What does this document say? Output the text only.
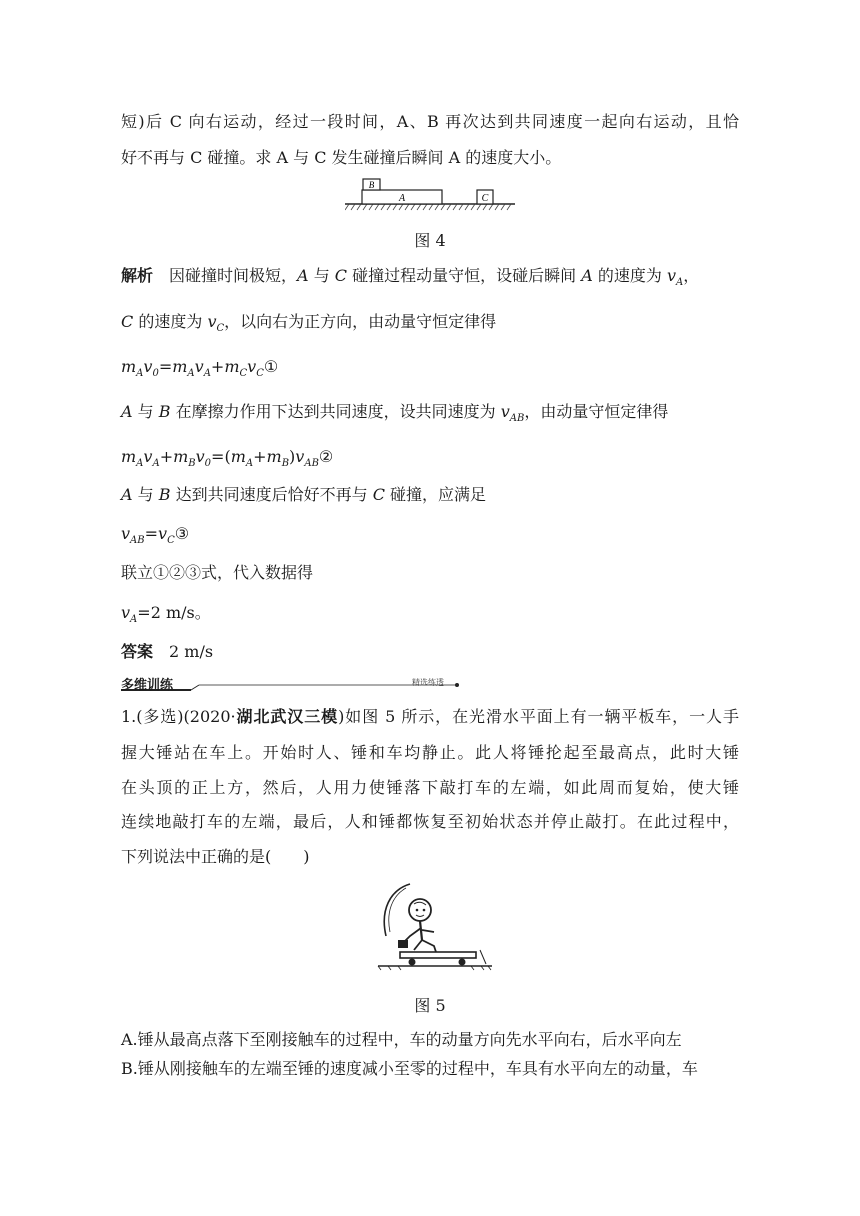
短)后 C 向右运动，经过一段时间，A、B 再次达到共同速度一起向右运动，且恰
好不再与 C 碰撞。求 A 与 C 发生碰撞后瞬间 A 的速度大小。
A
B
C
图 4
解析　 因碰撞时间极短，A 与 C 碰撞过程动量守恒，设碰后瞬间 A 的速度为 $v_A$，
C 的速度为 $v_C$，以向右为正方向，由动量守恒定律得
$m_Av_0=m_Av_A+m_Cv_C①$
A 与 B 在摩擦力作用下达到共同速度，设共同速度为 $v_{AB}$，由动量守恒定律得
$m_Av_A+m_Bv_0=(m_A+m_B)v_{AB}②$
A 与 B 达到共同速度后恰好不再与 C 碰撞，应满足
$v_{AB}=v_C③$
联立①②③式，代入数据得
$v_A=2$ m/s。
答案　 2 m/s
多维训练	精选练透
1.(多选)(2020·湖北武汉三模)如图 5 所示，在光滑水平面上有一辆平板车，一人手
握大锤站在车上。开始时人、锤和车均静止。此人将锤抡起至最高点，此时大锤
在头顶的正上方，然后，人用力使锤落下敲打车的左端，如此周而复始，使大锤
连续地敲打车的左端，最后，人和锤都恢复至初始状态并停止敲打。在此过程中，
下列说法中正确的是(　　)
图 5
A.锤从最高点落下至刚接触车的过程中，车的动量方向先水平向右，后水平向左
B.锤从刚接触车的左端至锤的速度减小至零的过程中，车具有水平向左的动量，车
